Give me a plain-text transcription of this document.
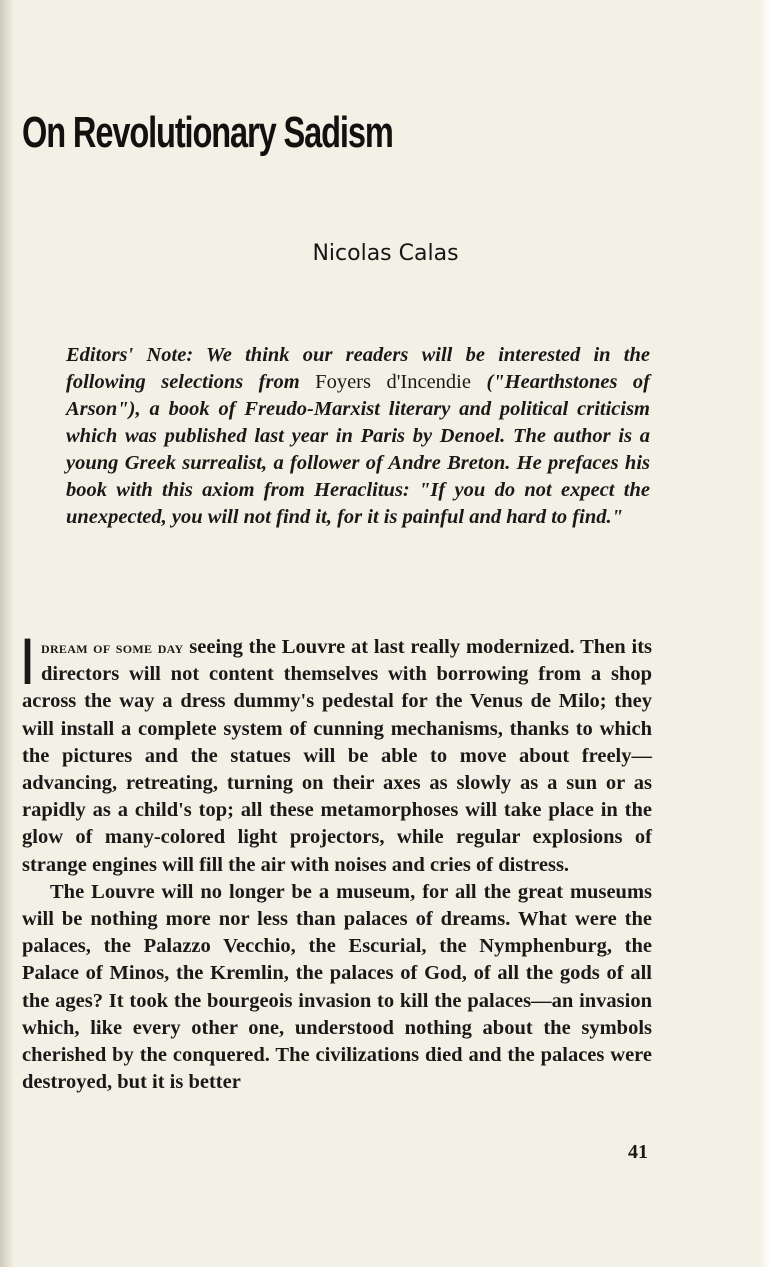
On Revolutionary Sadism

Nicolas Calas

Editors' Note: We think our readers will be interested in the following selections from Foyers d'Incendie ("Hearthstones of Arson"), a book of Freudo-Marxist literary and political criticism which was published last year in Paris by Denoel. The author is a young Greek surrealist, a follower of Andre Breton. He prefaces his book with this axiom from Heraclitus: "If you do not expect the unexpected, you will not find it, for it is painful and hard to find."

Idream of some day seeing the Louvre at last really modernized. Then its directors will not content themselves with borrowing from a shop across the way a dress dummy's pedestal for the Venus de Milo; they will install a complete system of cunning mechanisms, thanks to which the pictures and the statues will be able to move about freely—advancing, retreating, turning on their axes as slowly as a sun or as rapidly as a child's top; all these metamorphoses will take place in the glow of many-colored light projectors, while regular explosions of strange engines will fill the air with noises and cries of distress.

The Louvre will no longer be a museum, for all the great museums will be nothing more nor less than palaces of dreams. What were the palaces, the Palazzo Vecchio, the Escurial, the Nymphenburg, the Palace of Minos, the Kremlin, the palaces of God, of all the gods of all the ages? It took the bourgeois invasion to kill the palaces—an invasion which, like every other one, understood nothing about the symbols cherished by the conquered. The civilizations died and the palaces were destroyed, but it is better

41
